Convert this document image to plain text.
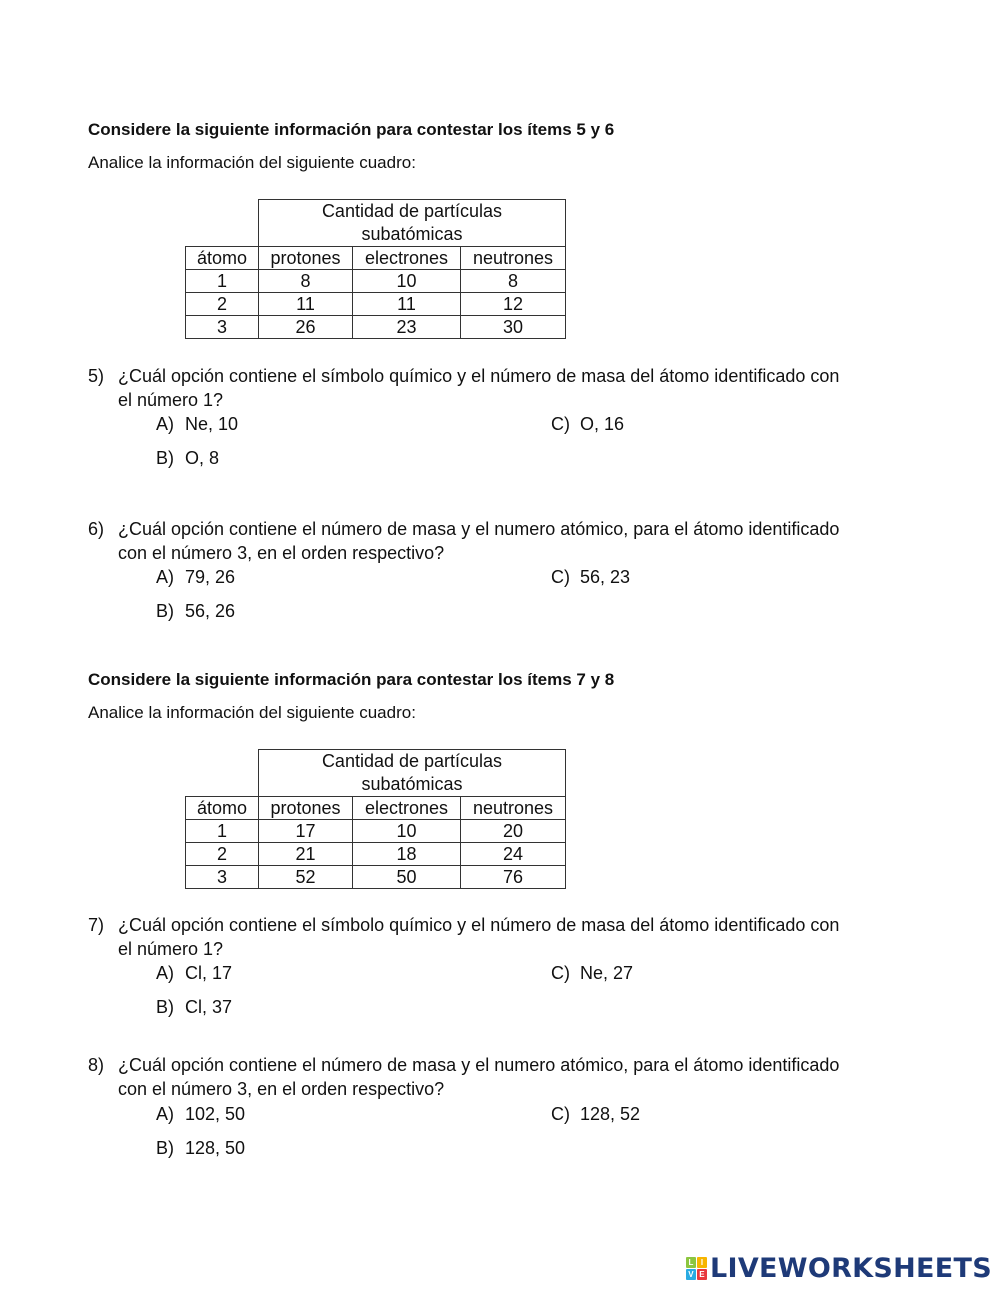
Considere la siguiente información para contestar los ítems 5 y 6
Analice la información del siguiente cuadro:

	Cantidad de partículas
subatómicas		

átomo	protones	electrones	neutrones
1	8	10	8
2	11	11	12
3	26	23	30
5) ¿Cuál opción contiene el símbolo químico y el número de masa del átomo identificado con
el número 1?
A) Ne, 10
B) O, 8
C) O, 16
6) ¿Cuál opción contiene el número de masa y el numero atómico, para el átomo identificado
con el número 3, en el orden respectivo?
A) 79, 26
B) 56, 26
C) 56, 23
Considere la siguiente información para contestar los ítems 7 y 8
Analice la información del siguiente cuadro:

	Cantidad de partículas
subatómicas		

átomo	protones	electrones	neutrones
1	17	10	20
2	21	18	24
3	52	50	76
7) ¿Cuál opción contiene el símbolo químico y el número de masa del átomo identificado con
el número 1?
A) Cl, 17
B) Cl, 37
C) Ne, 27
8) ¿Cuál opción contiene el número de masa y el numero atómico, para el átomo identificado
con el número 3, en el orden respectivo?
A) 102, 50
B) 128, 50
C) 128, 52
L I
V E LIVEWORKSHEETS
